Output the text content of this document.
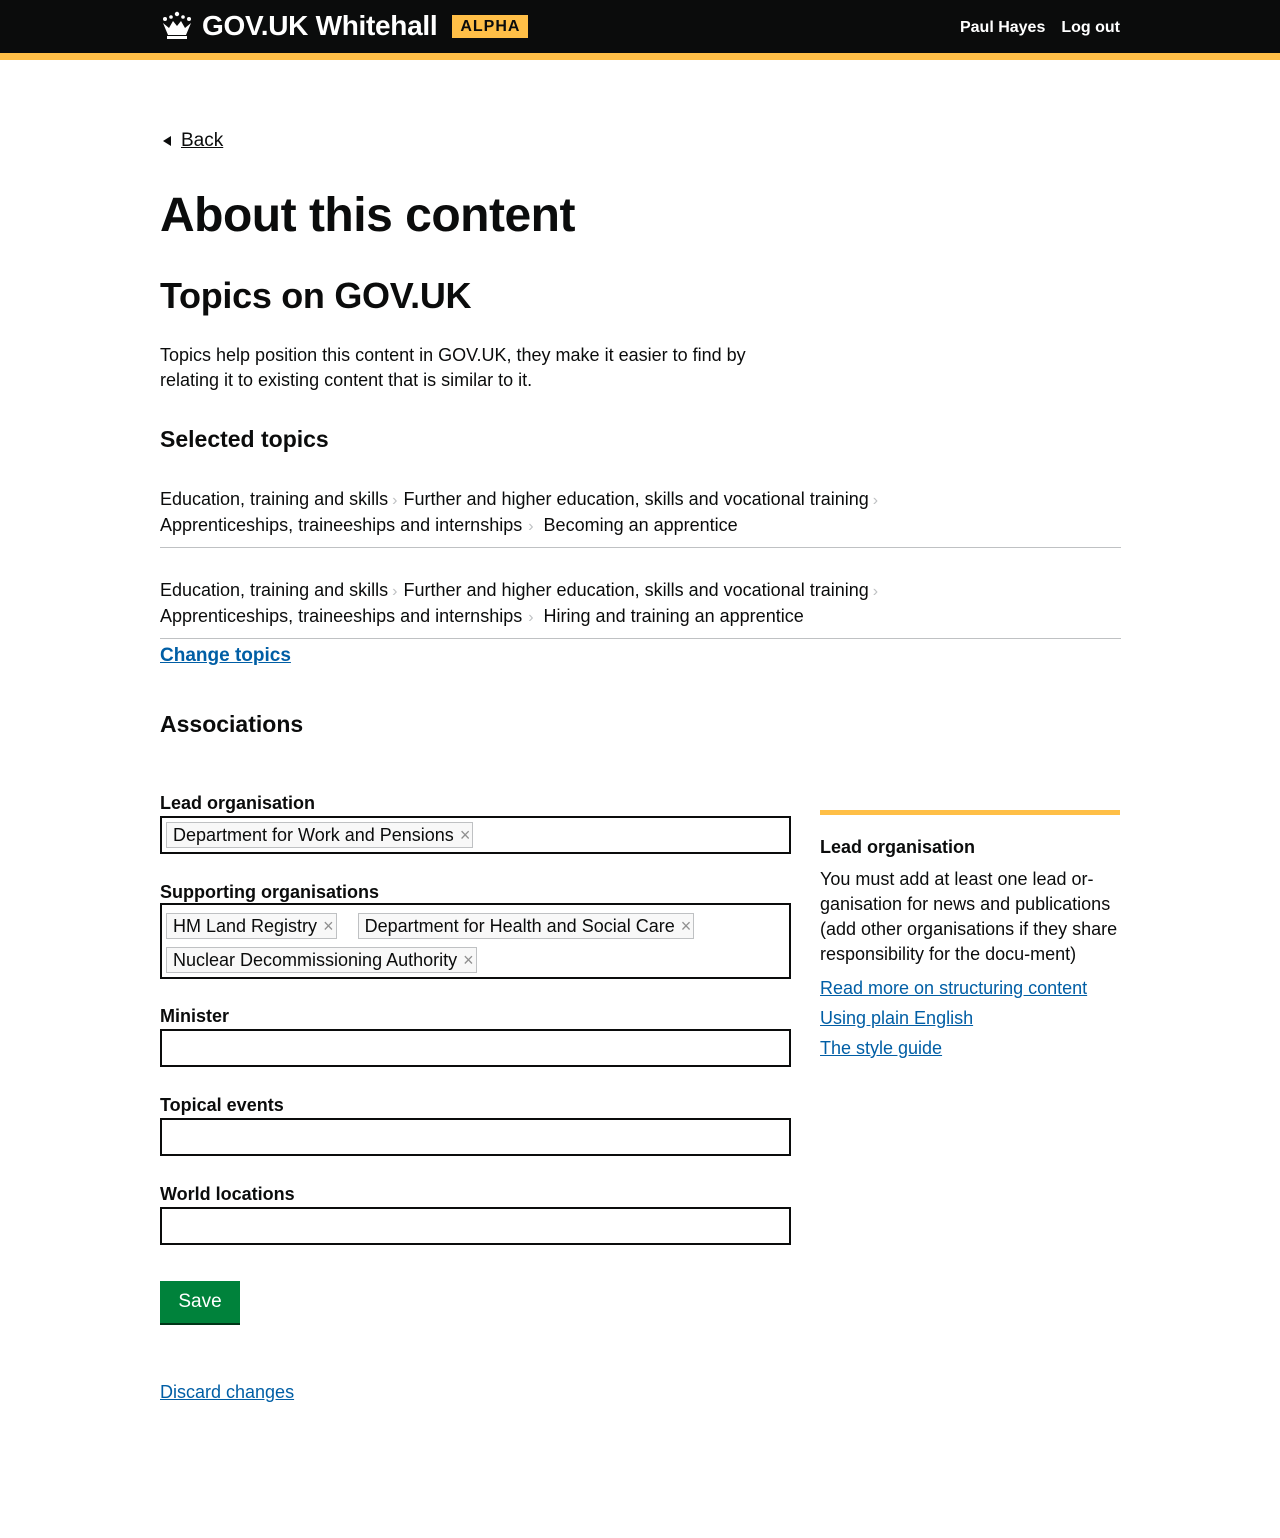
GOV.UK Whitehall	ALPHA	Paul Hayes Log out
Back
About this content
Topics on GOV.UK

Topics help position this content in GOV.UK, they make it easier to find by relating it to existing content that is similar to it.

Selected topics
Education, training and skills › Further and higher education, skills and vocational training ›
Apprenticeships, traineeships and internships › Becoming an apprentice
Education, training and skills › Further and higher education, skills and vocational training ›
Apprenticeships, traineeships and internships › Hiring and training an apprentice
Change topics
Associations
Lead organisation
Department for Work and Pensions ×
Supporting organisations
HM Land Registry × Department for Health and Social Care ×
Nuclear Decommissioning Authority ×
Minister
Topical events
World locations
Save
Discard changes
Lead organisation

You must add at least one lead or-ganisation for news and publications (add other organisations if they share responsibility for the docu-ment)

Read more on structuring content
Using plain English
The style guide
